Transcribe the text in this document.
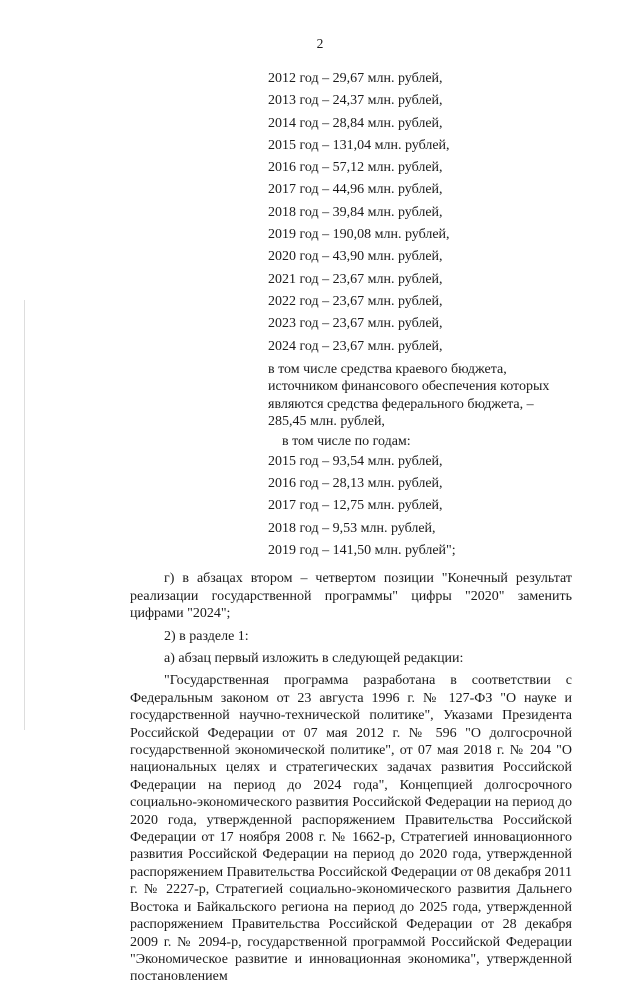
2
2012 год – 29,67 млн. рублей,
2013 год – 24,37 млн. рублей,
2014 год – 28,84 млн. рублей,
2015 год – 131,04 млн. рублей,
2016 год – 57,12 млн. рублей,
2017 год – 44,96 млн. рублей,
2018 год – 39,84 млн. рублей,
2019 год – 190,08 млн. рублей,
2020 год – 43,90 млн. рублей,
2021 год – 23,67 млн. рублей,
2022 год – 23,67 млн. рублей,
2023 год – 23,67 млн. рублей,
2024 год – 23,67 млн. рублей,

в том числе средства краевого бюджета, источником финансового обеспечения которых являются средства федерального бюджета, – 285,45 млн. рублей,

в том числе по годам:

2015 год – 93,54 млн. рублей,
2016 год – 28,13 млн. рублей,
2017 год – 12,75 млн. рублей,
2018 год – 9,53 млн. рублей,
2019 год – 141,50 млн. рублей";

г) в абзацах втором – четвертом позиции "Конечный результат реализации государственной программы" цифры "2020" заменить цифрами "2024";

2) в разделе 1:

а) абзац первый изложить в следующей редакции:

"Государственная программа разработана в соответствии с Федеральным законом от 23 августа 1996 г. № 127-ФЗ "О науке и государственной научно-технической политике", Указами Президента Российской Федерации от 07 мая 2012 г. № 596 "О долгосрочной государственной экономической политике", от 07 мая 2018 г. № 204 "О национальных целях и стратегических задачах развития Российской Федерации на период до 2024 года", Концепцией долгосрочного социально-экономического развития Российской Федерации на период до 2020 года, утвержденной распоряжением Правительства Российской Федерации от 17 ноября 2008 г. № 1662-р, Стратегией инновационного развития Российской Федерации на период до 2020 года, утвержденной распоряжением Правительства Российской Федерации от 08 декабря 2011 г. № 2227-р, Стратегией социально-экономического развития Дальнего Востока и Байкальского региона на период до 2025 года, утвержденной распоряжением Правительства Российской Федерации от 28 декабря 2009 г. № 2094-р, государственной программой Российской Федерации "Экономическое развитие и инновационная экономика", утвержденной постановлением
